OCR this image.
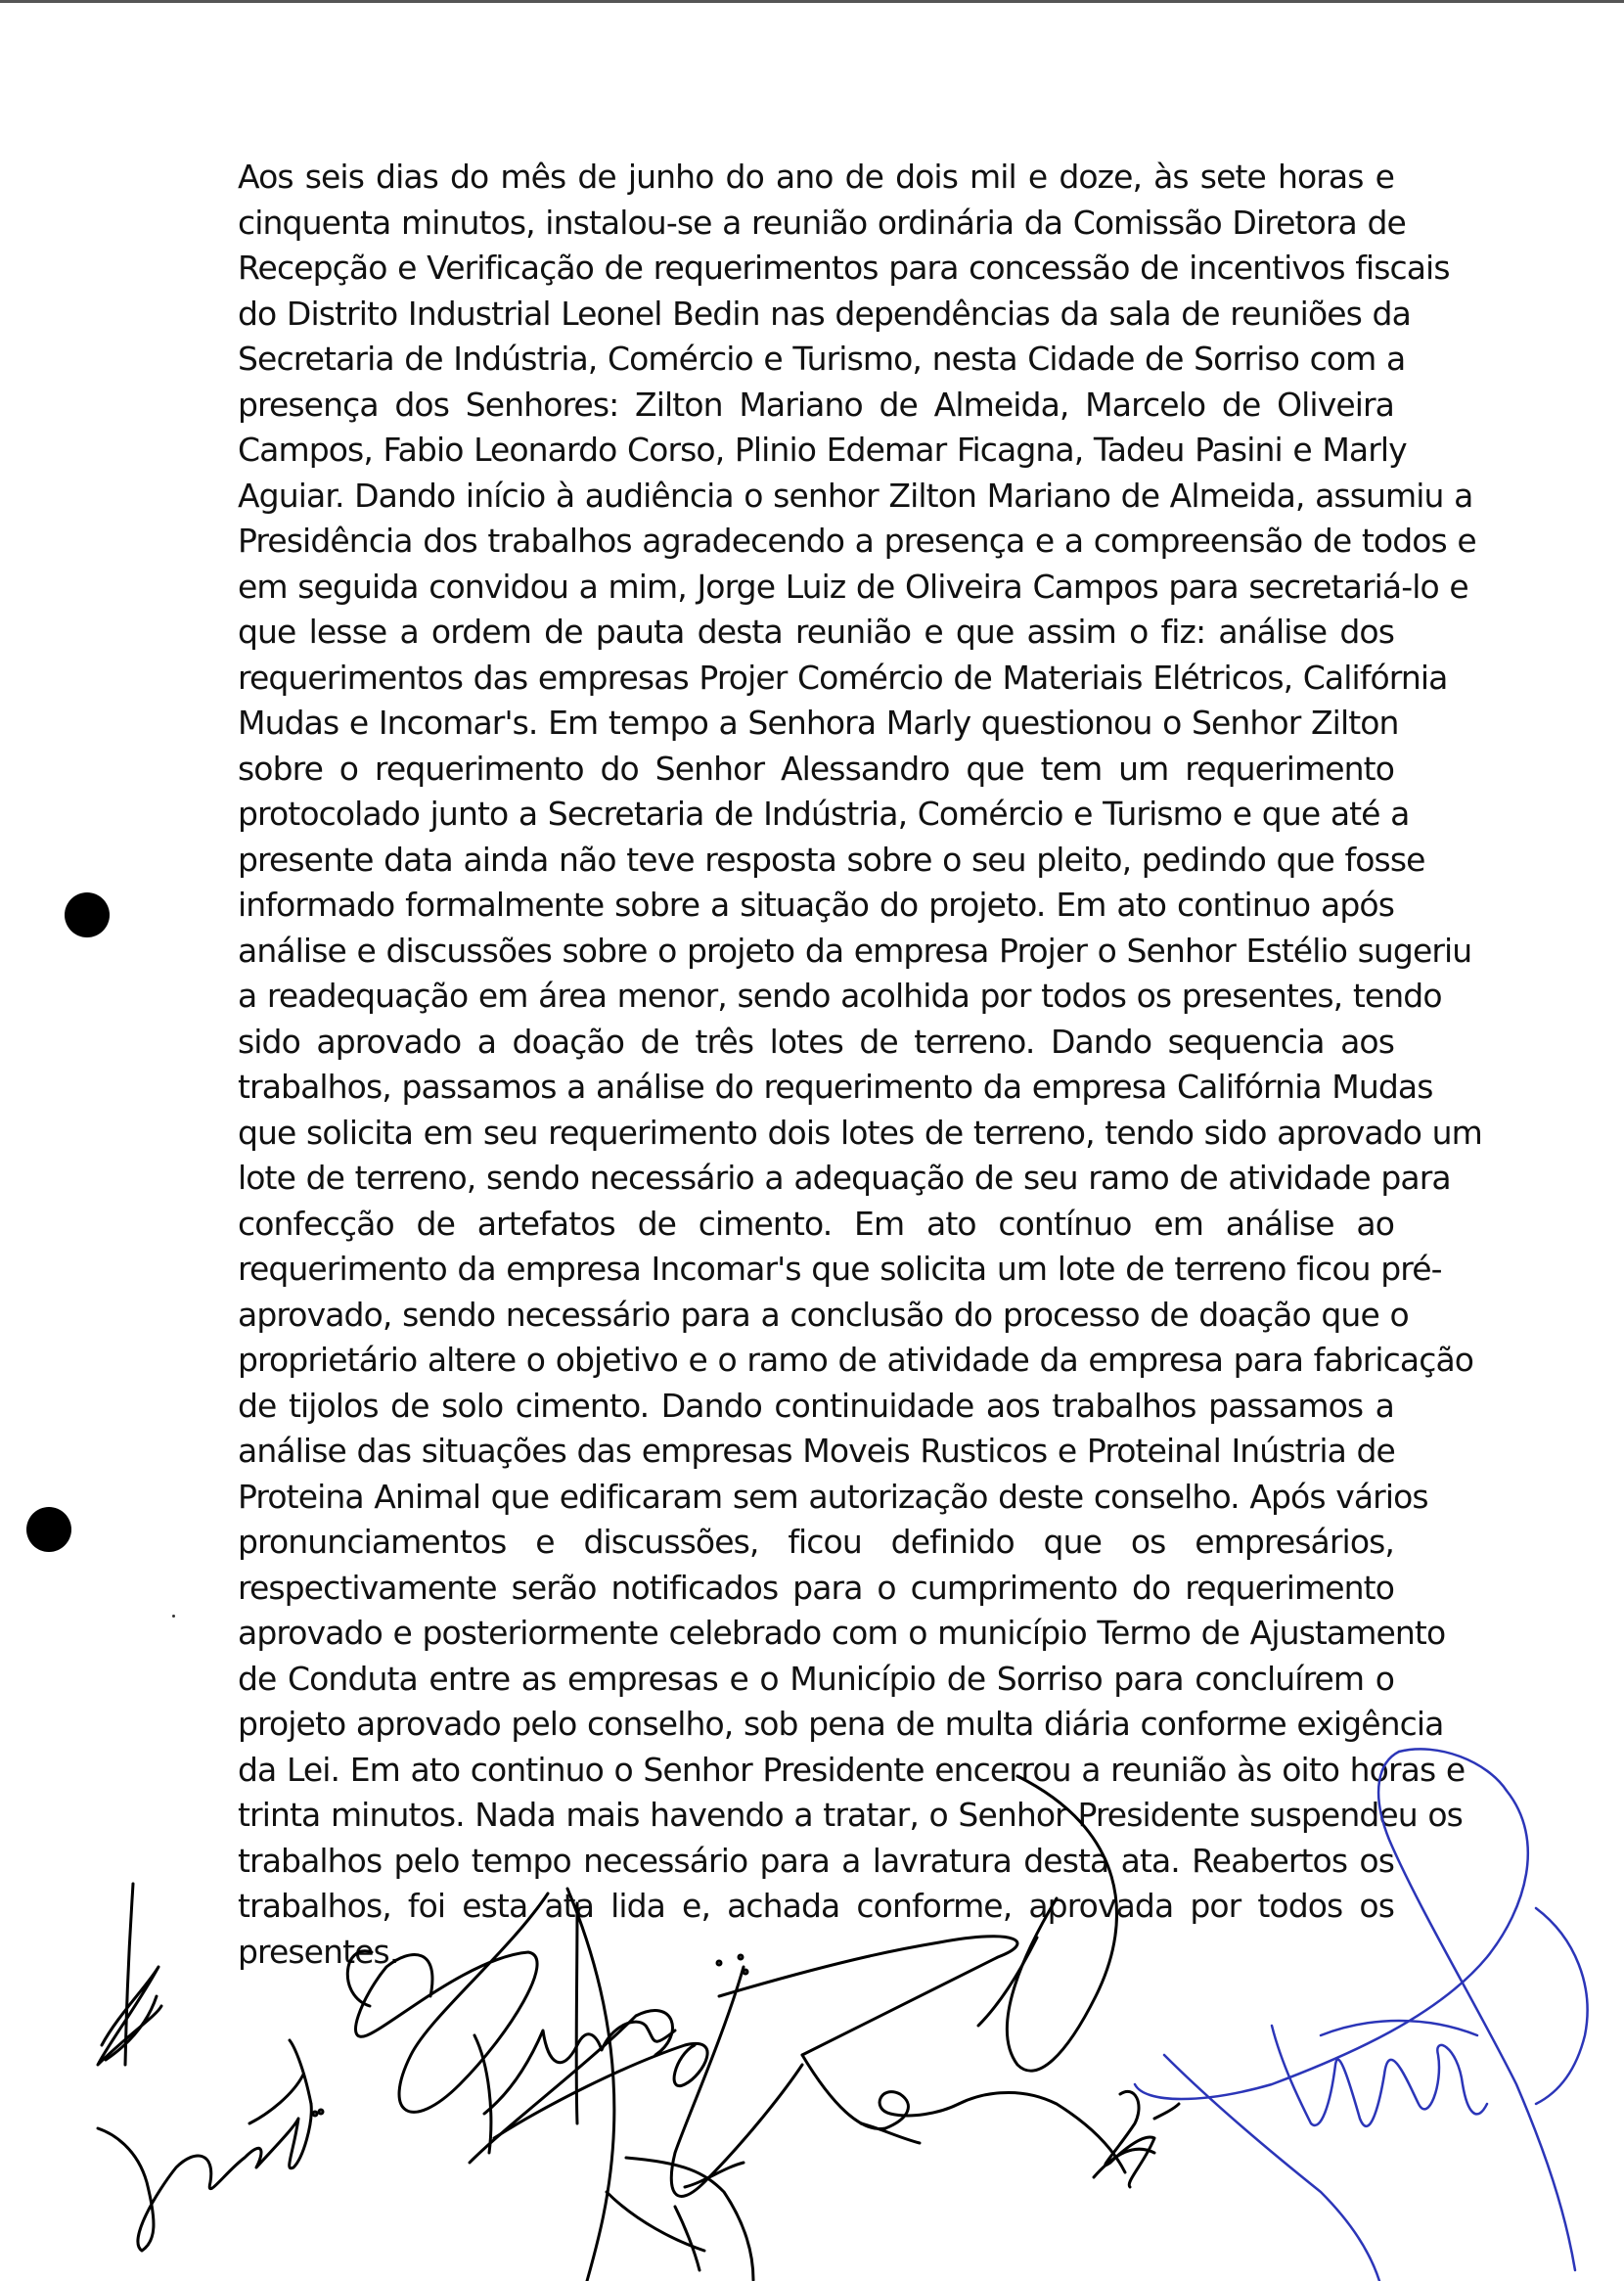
Aos seis dias do mês de junho do ano de dois mil e doze, às sete horas e
cinquenta minutos, instalou-se a reunião ordinária da Comissão Diretora de
Recepção e Verificação de requerimentos para concessão de incentivos fiscais
do Distrito Industrial Leonel Bedin nas dependências da sala de reuniões da
Secretaria de Indústria, Comércio e Turismo, nesta Cidade de Sorriso com a
presença dos Senhores: Zilton Mariano de Almeida, Marcelo de Oliveira
Campos, Fabio Leonardo Corso, Plinio Edemar Ficagna, Tadeu Pasini e Marly
Aguiar. Dando início à audiência o senhor Zilton Mariano de Almeida, assumiu a
Presidência dos trabalhos agradecendo a presença e a compreensão de todos e
em seguida convidou a mim, Jorge Luiz de Oliveira Campos para secretariá-lo e
que lesse a ordem de pauta desta reunião e que assim o fiz: análise dos
requerimentos das empresas Projer Comércio de Materiais Elétricos, Califórnia
Mudas e Incomar's. Em tempo a Senhora Marly questionou o Senhor Zilton
sobre o requerimento do Senhor Alessandro que tem um requerimento
protocolado junto a Secretaria de Indústria, Comércio e Turismo e que até a
presente data ainda não teve resposta sobre o seu pleito, pedindo que fosse
informado formalmente sobre a situação do projeto. Em ato continuo após
análise e discussões sobre o projeto da empresa Projer o Senhor Estélio sugeriu
a readequação em área menor, sendo acolhida por todos os presentes, tendo
sido aprovado a doação de três lotes de terreno. Dando sequencia aos
trabalhos, passamos a análise do requerimento da empresa Califórnia Mudas
que solicita em seu requerimento dois lotes de terreno, tendo sido aprovado um
lote de terreno, sendo necessário a adequação de seu ramo de atividade para
confecção de artefatos de cimento. Em ato contínuo em análise ao
requerimento da empresa Incomar's que solicita um lote de terreno ficou pré-
aprovado, sendo necessário para a conclusão do processo de doação que o
proprietário altere o objetivo e o ramo de atividade da empresa para fabricação
de tijolos de solo cimento. Dando continuidade aos trabalhos passamos a
análise das situações das empresas Moveis Rusticos e Proteinal Inústria de
Proteina Animal que edificaram sem autorização deste conselho. Após vários
pronunciamentos e discussões, ficou definido que os empresários,
respectivamente serão notificados para o cumprimento do requerimento
aprovado e posteriormente celebrado com o município Termo de Ajustamento
de Conduta entre as empresas e o Município de Sorriso para concluírem o
projeto aprovado pelo conselho, sob pena de multa diária conforme exigência
da Lei. Em ato continuo o Senhor Presidente encerrou a reunião às oito horas e
trinta minutos. Nada mais havendo a tratar, o Senhor Presidente suspendeu os
trabalhos pelo tempo necessário para a lavratura desta ata. Reabertos os
trabalhos, foi esta ata lida e, achada conforme, aprovada por todos os
presentes.
